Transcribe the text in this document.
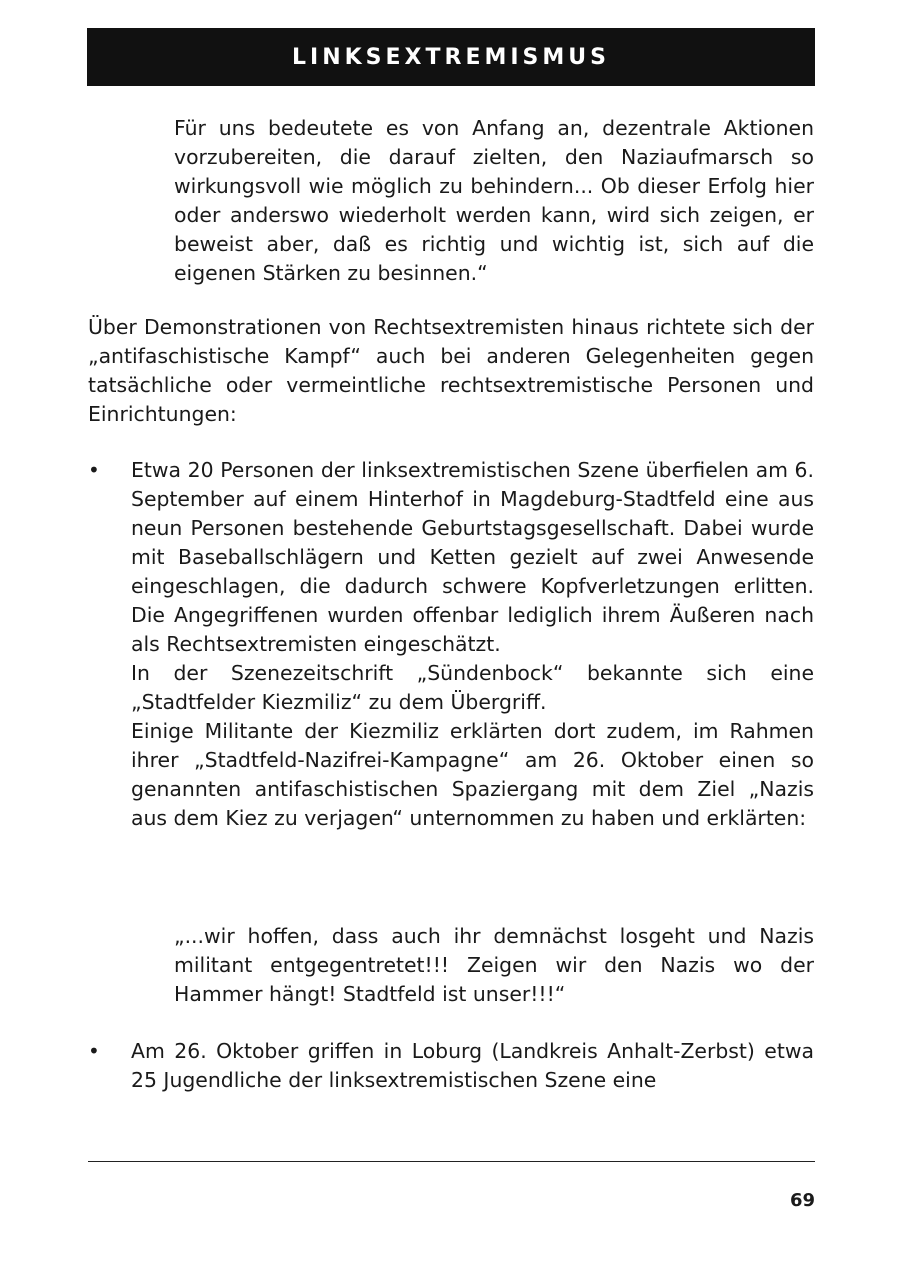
LINKSEXTREMISMUS
Für uns bedeutete es von Anfang an, dezentrale Aktionen vorzubereiten, die darauf zielten, den Naziaufmarsch so wirkungsvoll wie möglich zu behindern... Ob dieser Erfolg hier oder anderswo wiederholt werden kann, wird sich zeigen, er beweist aber, daß es richtig und wichtig ist, sich auf die eigenen Stärken zu besinnen.“
Über Demonstrationen von Rechtsextremisten hinaus richtete sich der „antifaschistische Kampf“ auch bei anderen Gelegenheiten gegen tatsächliche oder vermeintliche rechtsextremistische Personen und Einrichtungen:
• Etwa 20 Personen der linksextremistischen Szene überfielen am 6. September auf einem Hinterhof in Magdeburg-Stadtfeld eine aus neun Personen bestehende Geburtstagsgesellschaft. Dabei wurde mit Baseballschlägern und Ketten gezielt auf zwei Anwesende eingeschlagen, die dadurch schwere Kopfverletzungen erlitten. Die Angegriffenen wurden offenbar lediglich ihrem Äußeren nach als Rechtsextremisten eingeschätzt.

In der Szenezeitschrift „Sündenbock“ bekannte sich eine „Stadtfelder Kiezmiliz“ zu dem Übergriff.

Einige Militante der Kiezmiliz erklärten dort zudem, im Rahmen ihrer „Stadtfeld-Nazifrei-Kampagne“ am 26. Oktober einen so genannten antifaschistischen Spaziergang mit dem Ziel „Nazis aus dem Kiez zu verjagen“ unternommen zu haben und erklärten:

„...wir hoffen, dass auch ihr demnächst losgeht und Nazis militant entgegentretet!!! Zeigen wir den Nazis wo der Hammer hängt! Stadtfeld ist unser!!!“
• Am 26. Oktober griffen in Loburg (Landkreis Anhalt-Zerbst) etwa 25 Jugendliche der linksextremistischen Szene eine

69
